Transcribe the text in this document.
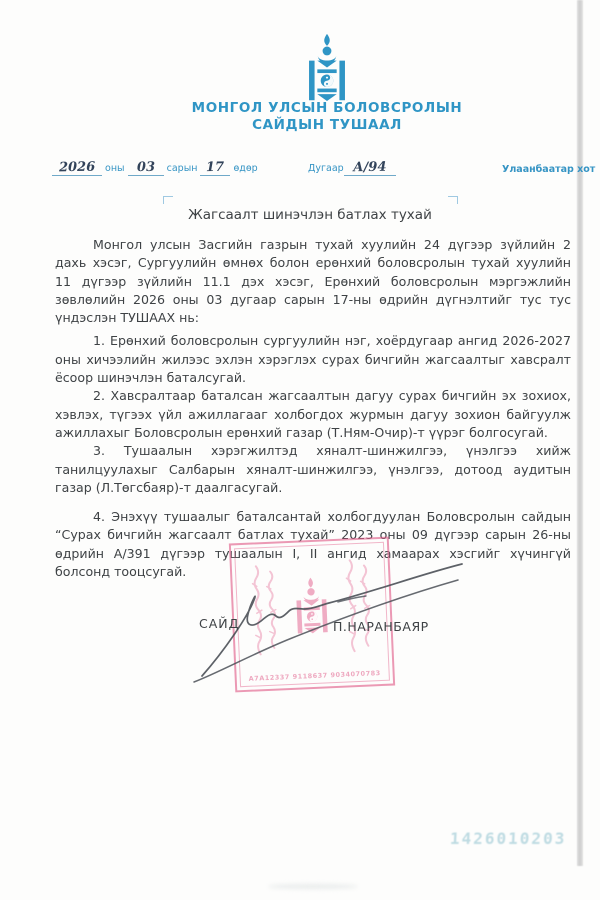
МОНГОЛ УЛСЫН БОЛОВСРОЛЫН
САЙДЫН ТУШААЛ
2026 оны 03 сарын 17 өдөр	Дугаар А/94	Улаанбаатар хот
Жагсаалт шинэчлэн батлах тухай

Монгол улсын Засгийн газрын тухай хуулийн 24 дүгээр зүйлийн 2 дахь хэсэг, Сургуулийн өмнөх болон ерөнхий боловсролын тухай хуулийн 11 дүгээр зүйлийн 11.1 дэх хэсэг, Ерөнхий боловсролын мэргэжлийн зөвлөлийн 2026 оны 03 дугаар сарын 17-ны өдрийн дүгнэлтийг тус тус үндэслэн ТУШААХ нь:

1. Ерөнхий боловсролын сургуулийн нэг, хоёрдугаар ангид 2026-2027 оны хичээлийн жилээс эхлэн хэрэглэх сурах бичгийн жагсаалтыг хавсралт ёсоор шинэчлэн баталсугай.

2. Хавсралтаар баталсан жагсаалтын дагуу сурах бичгийн эх зохиох, хэвлэх, түгээх үйл ажиллагааг холбогдох журмын дагуу зохион байгуулж ажиллахыг Боловсролын ерөнхий газар (Т.Ням-Очир)-т үүрэг болгосугай.

3. Тушаалын хэрэгжилтэд хяналт-шинжилгээ, үнэлгээ хийж танилцуулахыг Салбарын хяналт-шинжилгээ, үнэлгээ, дотоод аудитын газар (Л.Төгсбаяр)-т даалгасугай.

4. Энэхүү тушаалыг баталсантай холбогдуулан Боловсролын сайдын “Сурах бичгийн жагсаалт батлах тухай” 2023 оны 09 дүгээр сарын 26-ны өдрийн А/391 дүгээр тушаалын I, II ангид хамаарах хэсгийг хүчингүй болсонд тооцсугай.

А7А12337 9118637 9034070783
САЙД	П.НАРАНБАЯР
1426010203
